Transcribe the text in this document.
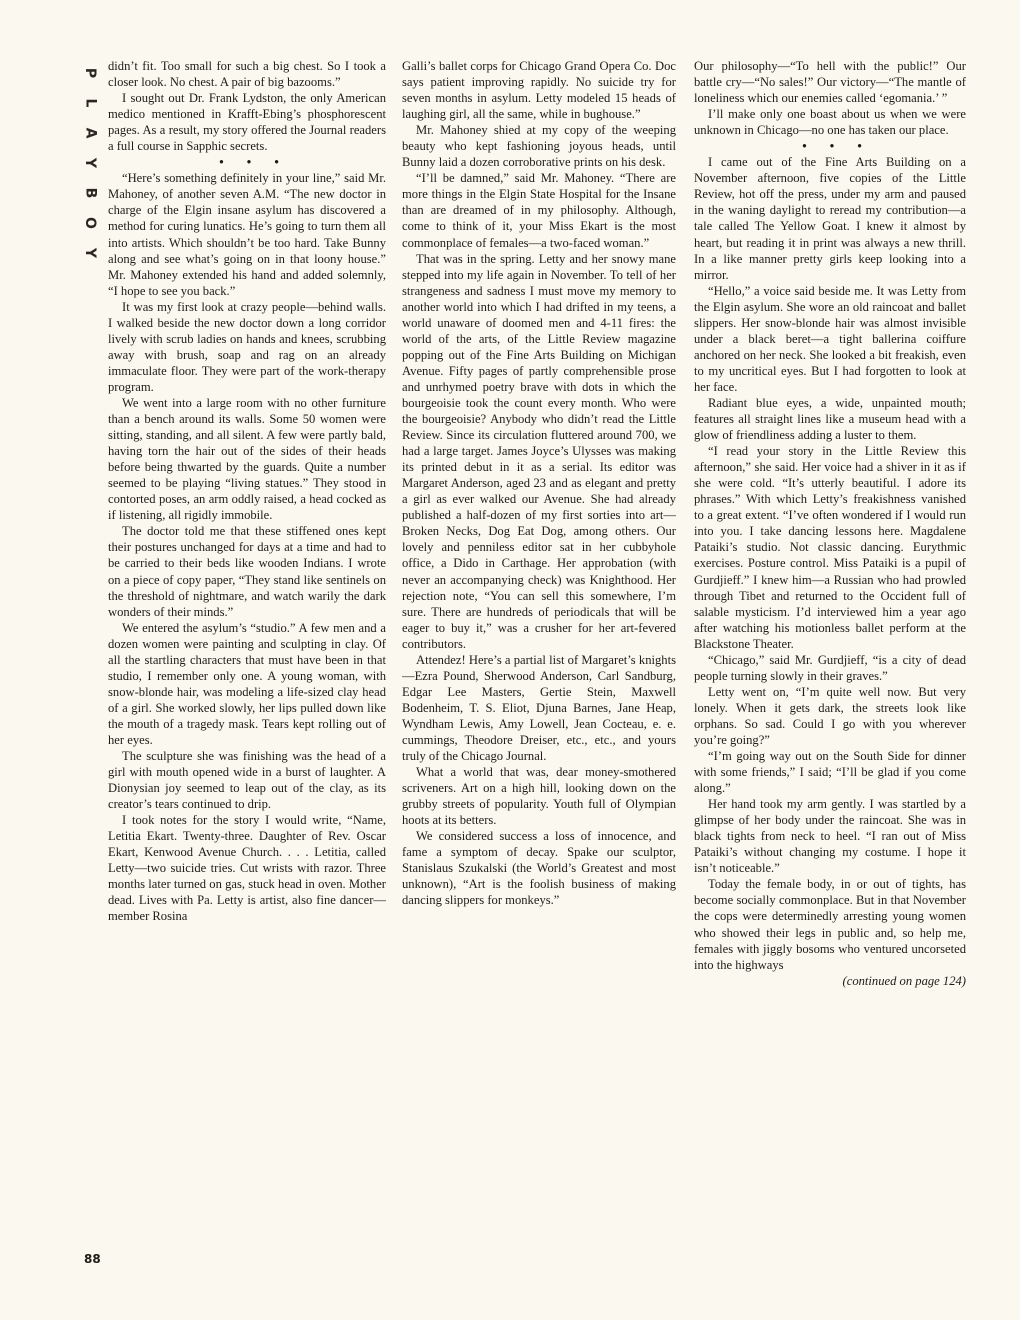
P
L
A
Y
B
O
Y

didn’t fit. Too small for such a big chest. So I took a closer look. No chest. A pair of big bazooms.”

I sought out Dr. Frank Lydston, the only American medico mentioned in Krafft-Ebing’s phosphorescent pages. As a result, my story offered the Journal readers a full course in Sapphic secrets.

• • •

“Here’s something definitely in your line,” said Mr. Mahoney, of another seven A.M. “The new doctor in charge of the Elgin insane asylum has discovered a method for curing lunatics. He’s going to turn them all into artists. Which shouldn’t be too hard. Take Bunny along and see what’s going on in that loony house.” Mr. Mahoney extended his hand and added solemnly, “I hope to see you back.”

It was my first look at crazy people—behind walls. I walked beside the new doctor down a long corridor lively with scrub ladies on hands and knees, scrubbing away with brush, soap and rag on an already immaculate floor. They were part of the work-therapy program.

We went into a large room with no other furniture than a bench around its walls. Some 50 women were sitting, standing, and all silent. A few were partly bald, having torn the hair out of the sides of their heads before being thwarted by the guards. Quite a number seemed to be playing “living statues.” They stood in contorted poses, an arm oddly raised, a head cocked as if listening, all rigidly immobile.

The doctor told me that these stiffened ones kept their postures unchanged for days at a time and had to be carried to their beds like wooden Indians. I wrote on a piece of copy paper, “They stand like sentinels on the threshold of nightmare, and watch warily the dark wonders of their minds.”

We entered the asylum’s “studio.” A few men and a dozen women were painting and sculpting in clay. Of all the startling characters that must have been in that studio, I remember only one. A young woman, with snow-blonde hair, was modeling a life-sized clay head of a girl. She worked slowly, her lips pulled down like the mouth of a tragedy mask. Tears kept rolling out of her eyes.

The sculpture she was finishing was the head of a girl with mouth opened wide in a burst of laughter. A Dionysian joy seemed to leap out of the clay, as its creator’s tears continued to drip.

I took notes for the story I would write, “Name, Letitia Ekart. Twenty-three. Daughter of Rev. Oscar Ekart, Kenwood Avenue Church. . . . Letitia, called Letty—two suicide tries. Cut wrists with razor. Three months later turned on gas, stuck head in oven. Mother dead. Lives with Pa. Letty is artist, also fine dancer—member Rosina

Galli’s ballet corps for Chicago Grand Opera Co. Doc says patient improving rapidly. No suicide try for seven months in asylum. Letty modeled 15 heads of laughing girl, all the same, while in bughouse.”

Mr. Mahoney shied at my copy of the weeping beauty who kept fashioning joyous heads, until Bunny laid a dozen corroborative prints on his desk.

“I’ll be damned,” said Mr. Mahoney. “There are more things in the Elgin State Hospital for the Insane than are dreamed of in my philosophy. Although, come to think of it, your Miss Ekart is the most commonplace of females—a two-faced woman.”

That was in the spring. Letty and her snowy mane stepped into my life again in November. To tell of her strangeness and sadness I must move my memory to another world into which I had drifted in my teens, a world unaware of doomed men and 4-11 fires: the world of the arts, of the Little Review magazine popping out of the Fine Arts Building on Michigan Avenue. Fifty pages of partly comprehensible prose and unrhymed poetry brave with dots in which the bourgeoisie took the count every month. Who were the bourgeoisie? Anybody who didn’t read the Little Review. Since its circulation fluttered around 700, we had a large target. James Joyce’s Ulysses was making its printed debut in it as a serial. Its editor was Margaret Anderson, aged 23 and as elegant and pretty a girl as ever walked our Avenue. She had already published a half-dozen of my first sorties into art—Broken Necks, Dog Eat Dog, among others. Our lovely and penniless editor sat in her cubbyhole office, a Dido in Carthage. Her approbation (with never an accompanying check) was Knighthood. Her rejection note, “You can sell this somewhere, I’m sure. There are hundreds of periodicals that will be eager to buy it,” was a crusher for her art-fevered contributors.

Attendez! Here’s a partial list of Margaret’s knights—Ezra Pound, Sherwood Anderson, Carl Sandburg, Edgar Lee Masters, Gertie Stein, Maxwell Bodenheim, T. S. Eliot, Djuna Barnes, Jane Heap, Wyndham Lewis, Amy Lowell, Jean Cocteau, e. e. cummings, Theodore Dreiser, etc., etc., and yours truly of the Chicago Journal.

What a world that was, dear money-smothered scriveners. Art on a high hill, looking down on the grubby streets of popularity. Youth full of Olympian hoots at its betters.

We considered success a loss of innocence, and fame a symptom of decay. Spake our sculptor, Stanislaus Szukalski (the World’s Greatest and most unknown), “Art is the foolish business of making dancing slippers for monkeys.”

Our philosophy—“To hell with the public!” Our battle cry—“No sales!” Our victory—“The mantle of loneliness which our enemies called ‘egomania.’ ”

I’ll make only one boast about us when we were unknown in Chicago—no one has taken our place.

• • •

I came out of the Fine Arts Building on a November afternoon, five copies of the Little Review, hot off the press, under my arm and paused in the waning daylight to reread my contribution—a tale called The Yellow Goat. I knew it almost by heart, but reading it in print was always a new thrill. In a like manner pretty girls keep looking into a mirror.

“Hello,” a voice said beside me. It was Letty from the Elgin asylum. She wore an old raincoat and ballet slippers. Her snow-blonde hair was almost invisible under a black beret—a tight ballerina coiffure anchored on her neck. She looked a bit freakish, even to my uncritical eyes. But I had forgotten to look at her face.

Radiant blue eyes, a wide, unpainted mouth; features all straight lines like a museum head with a glow of friendliness adding a luster to them.

“I read your story in the Little Review this afternoon,” she said. Her voice had a shiver in it as if she were cold. “It’s utterly beautiful. I adore its phrases.” With which Letty’s freakishness vanished to a great extent. “I’ve often wondered if I would run into you. I take dancing lessons here. Magdalene Pataiki’s studio. Not classic dancing. Eurythmic exercises. Posture control. Miss Pataiki is a pupil of Gurdjieff.” I knew him—a Russian who had prowled through Tibet and returned to the Occident full of salable mysticism. I’d interviewed him a year ago after watching his motionless ballet perform at the Blackstone Theater.

“Chicago,” said Mr. Gurdjieff, “is a city of dead people turning slowly in their graves.”

Letty went on, “I’m quite well now. But very lonely. When it gets dark, the streets look like orphans. So sad. Could I go with you wherever you’re going?”

“I’m going way out on the South Side for dinner with some friends,” I said; “I’ll be glad if you come along.”

Her hand took my arm gently. I was startled by a glimpse of her body under the raincoat. She was in black tights from neck to heel. “I ran out of Miss Pataiki’s without changing my costume. I hope it isn’t noticeable.”

Today the female body, in or out of tights, has become socially commonplace. But in that November the cops were determinedly arresting young women who showed their legs in public and, so help me, females with jiggly bosoms who ventured uncorseted into the highways

(continued on page 124)

88
